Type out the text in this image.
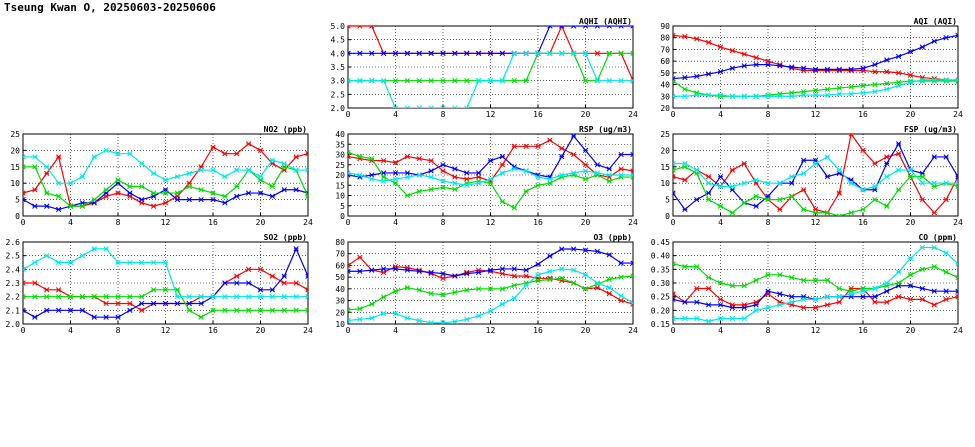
Tseung Kwan O, 20250603-20250606
2.0
2.5
3.0
3.5
4.0
4.5
5.0
0	4	8	12	16	20	24
AQHI (AQHI)
20
30
40
50
60
70
80
90
0	4	8	12	16	20	24
AQI (AQI)
0
5
10
15
20
25
0	4	8	12	16	20	24
NO2 (ppb)
0
5
10
15
20
25
30
35
40
0	4	8	12	16	20	24
RSP (ug/m3)
0
5
10
15
20
25
0	4	8	12	16	20	24
FSP (ug/m3)
2.0
2.1
2.2
2.3
2.4
2.5
2.6
0	4	8	12	16	20	24
SO2 (ppb)
10
20
30
40
50
60
70
80
0	4	8	12	16	20	24
O3 (ppb)
0.15
0.20
0.25
0.30
0.35
0.40
0.45
0	4	8	12	16	20	24
CO (ppm)
